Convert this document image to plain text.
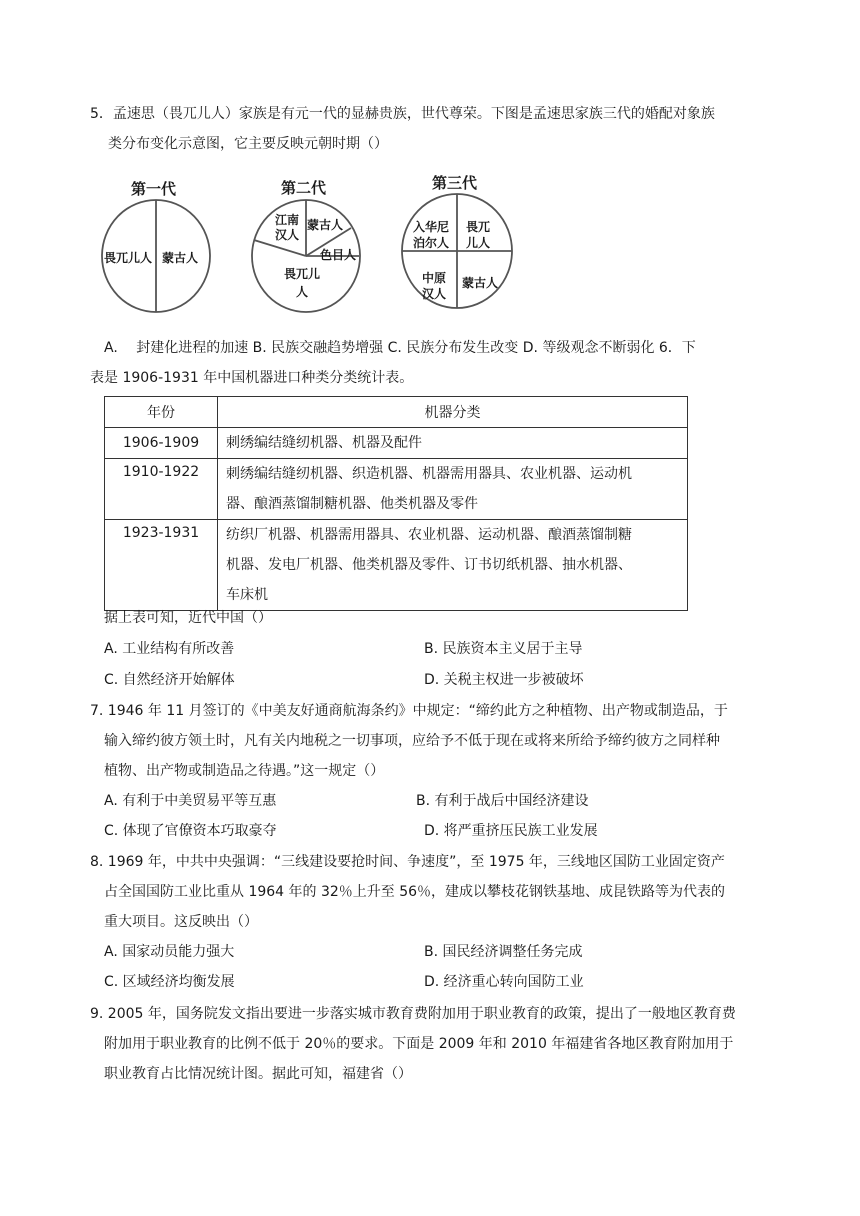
5．孟速思（畏兀儿人）家族是有元一代的显赫贵族，世代尊荣。下图是孟速思家族三代的婚配对象族
类分布变化示意图，它主要反映元朝时期（）
第一代
畏兀儿人 蒙古人
第二代
江南
汉人
蒙古人
色目人
畏兀儿
人
第三代
入华尼
泊尔人
畏兀
儿人
中原
汉人
蒙古人
A.　 封建化进程的加速 B. 民族交融趋势增强 C. 民族分布发生改变 D. 等级观念不断弱化 6．下
表是 1906-1931 年中国机器进口种类分类统计表。
年份	机器分类
1906-1909	刺绣编结缝纫机器、机器及配件

1910-1922	刺绣编结缝纫机器、织造机器、机器需用器具、农业机器、运动机
器、酿酒蒸馏制糖机器、他类机器及零件

1923-1931	纺织厂机器、机器需用器具、农业机器、运动机器、酿酒蒸馏制糖
机器、发电厂机器、他类机器及零件、订书切纸机器、抽水机器、
车床机
据上表可知，近代中国（）
A. 工业结构有所改善	B. 民族资本主义居于主导
C. 自然经济开始解体	D. 关税主权进一步被破坏
7. 1946 年 11 月签订的《中美友好通商航海条约》中规定：“缔约此方之种植物、出产物或制造品，于
输入缔约彼方领土时，凡有关内地税之一切事项，应给予不低于现在或将来所给予缔约彼方之同样种
植物、出产物或制造品之待遇。”这一规定（）
A. 有利于中美贸易平等互惠	B. 有利于战后中国经济建设
C. 体现了官僚资本巧取豪夺	D. 将严重挤压民族工业发展
8. 1969 年，中共中央强调：“三线建设要抢时间、争速度”，至 1975 年，三线地区国防工业固定资产
占全国国防工业比重从 1964 年的 32％上升至 56％，建成以攀枝花钢铁基地、成昆铁路等为代表的
重大项目。这反映出（）
A. 国家动员能力强大	B. 国民经济调整任务完成
C. 区域经济均衡发展	D. 经济重心转向国防工业
9. 2005 年，国务院发文指出要进一步落实城市教育费附加用于职业教育的政策，提出了一般地区教育费
附加用于职业教育的比例不低于 20％的要求。下面是 2009 年和 2010 年福建省各地区教育附加用于
职业教育占比情况统计图。据此可知，福建省（）
